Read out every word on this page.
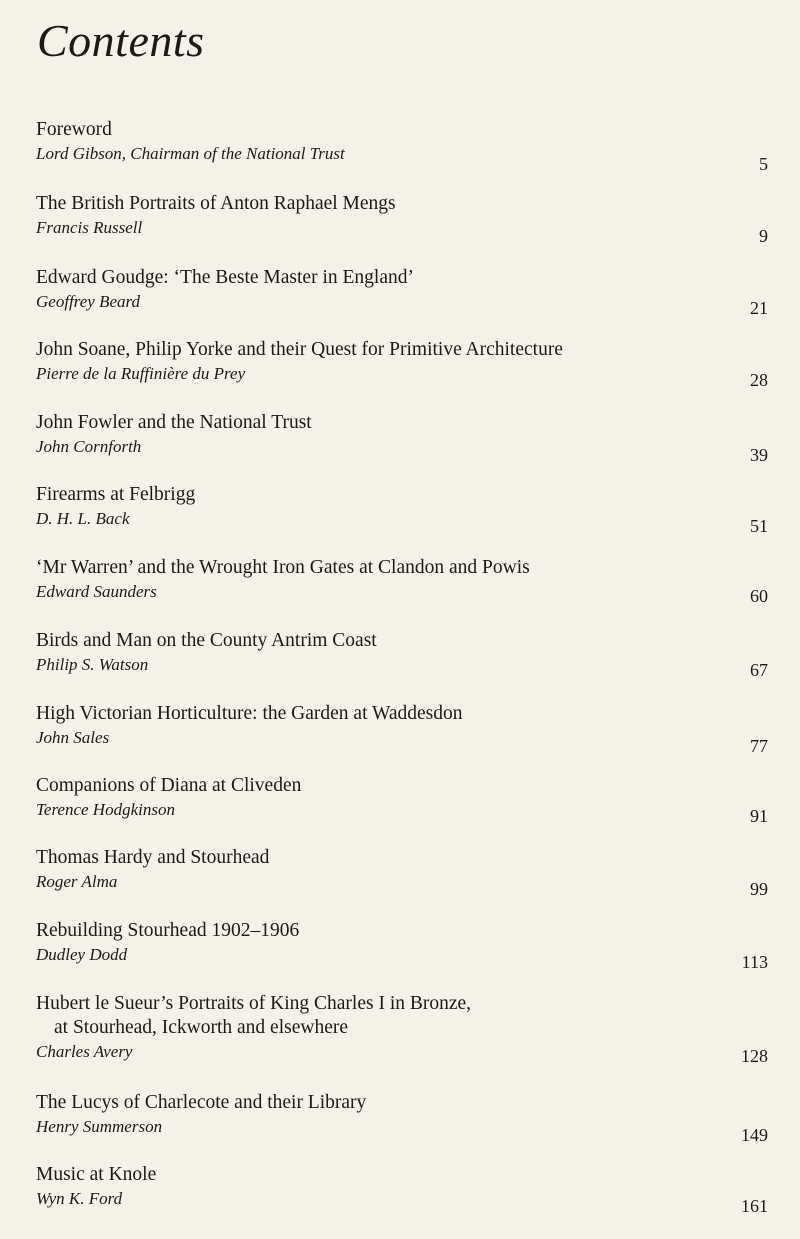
Contents
Foreword
Lord Gibson, Chairman of the National Trust
5
The British Portraits of Anton Raphael Mengs
Francis Russell	9
Edward Goudge: ‘The Beste Master in England’
Geoffrey Beard	21
John Soane, Philip Yorke and their Quest for Primitive Architecture
Pierre de la Ruffinière du Prey	28
John Fowler and the National Trust
John Cornforth	39
Firearms at Felbrigg
D. H. L. Back	51
‘Mr Warren’ and the Wrought Iron Gates at Clandon and Powis
Edward Saunders	60
Birds and Man on the County Antrim Coast
Philip S. Watson	67
High Victorian Horticulture: the Garden at Waddesdon
John Sales	77
Companions of Diana at Cliveden
Terence Hodgkinson	91
Thomas Hardy and Stourhead
Roger Alma	99
Rebuilding Stourhead 1902–1906
Dudley Dodd	113
Hubert le Sueur’s Portraits of King Charles I in Bronze,
at Stourhead, Ickworth and elsewhere
Charles Avery	128
The Lucys of Charlecote and their Library
Henry Summerson	149
Music at Knole
Wyn K. Ford	161
